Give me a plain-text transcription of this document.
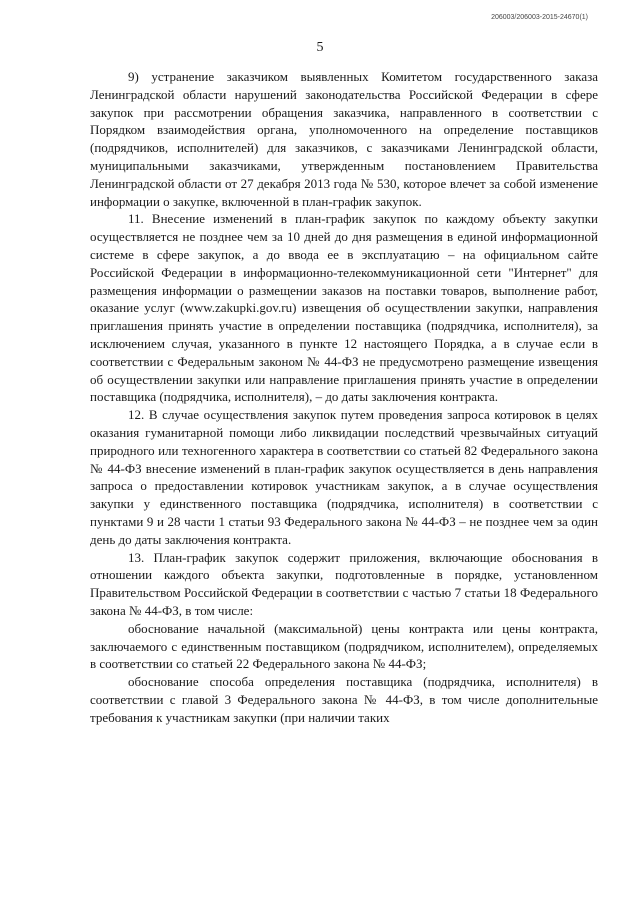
206003/206003-2015-24670(1)
5

9) устранение заказчиком выявленных Комитетом государственного заказа Ленинградской области нарушений законодательства Российской Федерации в сфере закупок при рассмотрении обращения заказчика, направленного в соответствии с Порядком взаимодействия органа, уполномоченного на определение поставщиков (подрядчиков, исполнителей) для заказчиков, с заказчиками Ленинградской области, муниципальными заказчиками, утвержденным постановлением Правительства Ленинградской области от 27 декабря 2013 года № 530, которое влечет за собой изменение информации о закупке, включенной в план-график закупок.

11. Внесение изменений в план-график закупок по каждому объекту закупки осуществляется не позднее чем за 10 дней до дня размещения в единой информационной системе в сфере закупок, а до ввода ее в эксплуатацию – на официальном сайте Российской Федерации в информационно-телекоммуникационной сети "Интернет" для размещения информации о размещении заказов на поставки товаров, выполнение работ, оказание услуг (www.zakupki.gov.ru) извещения об осуществлении закупки, направления приглашения принять участие в определении поставщика (подрядчика, исполнителя), за исключением случая, указанного в пункте 12 настоящего Порядка, а в случае если в соответствии с Федеральным законом № 44-ФЗ не предусмотрено размещение извещения об осуществлении закупки или направление приглашения принять участие в определении поставщика (подрядчика, исполнителя), – до даты заключения контракта.

12. В случае осуществления закупок путем проведения запроса котировок в целях оказания гуманитарной помощи либо ликвидации последствий чрезвычайных ситуаций природного или техногенного характера в соответствии со статьей 82 Федерального закона № 44-ФЗ внесение изменений в план-график закупок осуществляется в день направления запроса о предоставлении котировок участникам закупок, а в случае осуществления закупки у единственного поставщика (подрядчика, исполнителя) в соответствии с пунктами 9 и 28 части 1 статьи 93 Федерального закона № 44-ФЗ – не позднее чем за один день до даты заключения контракта.

13. План-график закупок содержит приложения, включающие обоснования в отношении каждого объекта закупки, подготовленные в порядке, установленном Правительством Российской Федерации в соответствии с частью 7 статьи 18 Федерального закона № 44-ФЗ, в том числе:

обоснование начальной (максимальной) цены контракта или цены контракта, заключаемого с единственным поставщиком (подрядчиком, исполнителем), определяемых в соответствии со статьей 22 Федерального закона № 44-ФЗ;

обоснование способа определения поставщика (подрядчика, исполнителя) в соответствии с главой 3 Федерального закона № 44-ФЗ, в том числе дополнительные требования к участникам закупки (при наличии таких
